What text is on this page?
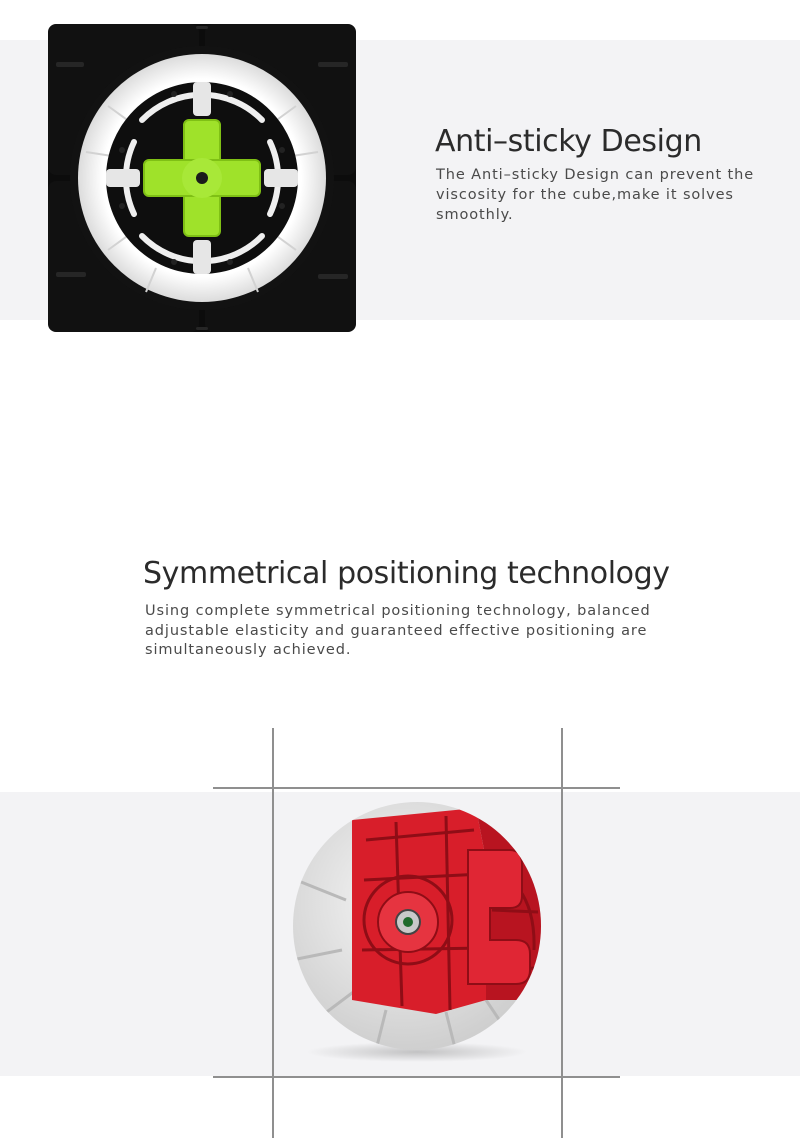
Anti–sticky Design

The Anti–sticky Design can prevent the viscosity for the cube,make it solves smoothly.

Symmetrical positioning technology

Using complete symmetrical positioning technology, balanced adjustable elasticity and guaranteed effective positioning are simultaneously achieved.
